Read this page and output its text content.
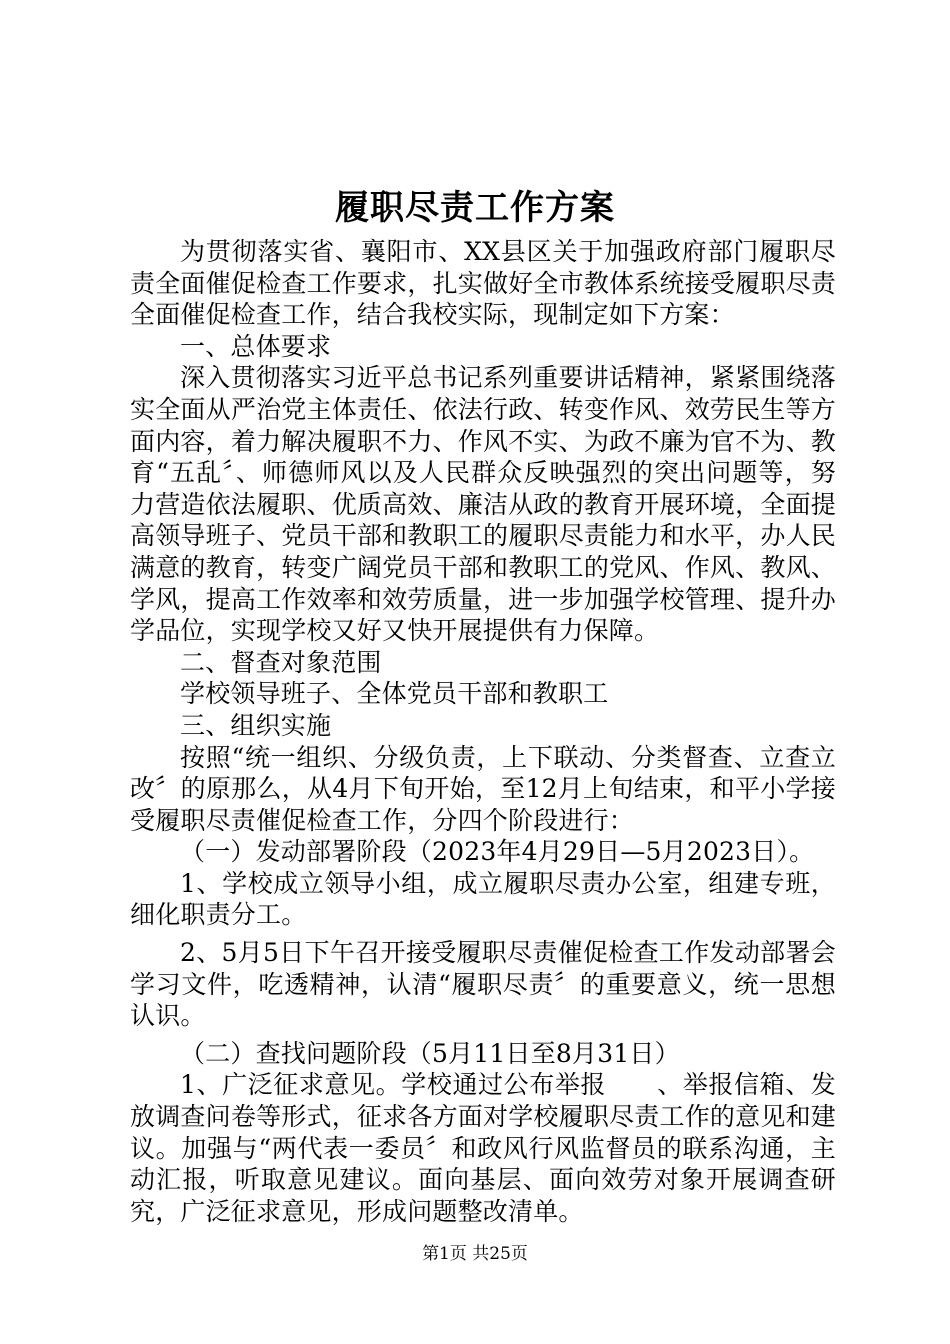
履职尽责工作方案

为贯彻落实省、襄阳市、XX县区关于加强政府部门履职尽责全面催促检查工作要求，扎实做好全市教体系统接受履职尽责全面催促检查工作，结合我校实际，现制定如下方案：

一、总体要求

深入贯彻落实习近平总书记系列重要讲话精神，紧紧围绕落实全面从严治党主体责任、依法行政、转变作风、效劳民生等方面内容，着力解决履职不力、作风不实、为政不廉为官不为、教育“五乱〞、师德师风以及人民群众反映强烈的突出问题等，努力营造依法履职、优质高效、廉洁从政的教育开展环境，全面提高领导班子、党员干部和教职工的履职尽责能力和水平，办人民满意的教育，转变广阔党员干部和教职工的党风、作风、教风、学风，提高工作效率和效劳质量，进一步加强学校管理、提升办学品位，实现学校又好又快开展提供有力保障。

二、督查对象范围

学校领导班子、全体党员干部和教职工

三、组织实施

按照“统一组织、分级负责，上下联动、分类督查、立查立改〞的原那么，从4月下旬开始，至12月上旬结束，和平小学接受履职尽责催促检查工作，分四个阶段进行：

（一）发动部署阶段（2023年4月29日—5月2023日）。

1、学校成立领导小组，成立履职尽责办公室，组建专班，细化职责分工。

2、5月5日下午召开接受履职尽责催促检查工作发动部署会学习文件，吃透精神，认清“履职尽责〞的重要意义，统一思想认识。

（二）查找问题阶段（5月11日至8月31日）

1、广泛征求意见。学校通过公布举报　　、举报信箱、发放调查问卷等形式，征求各方面对学校履职尽责工作的意见和建议。加强与“两代表一委员〞和政风行风监督员的联系沟通，主动汇报，听取意见建议。面向基层、面向效劳对象开展调查研究，广泛征求意见，形成问题整改清单。

第1页 共25页
